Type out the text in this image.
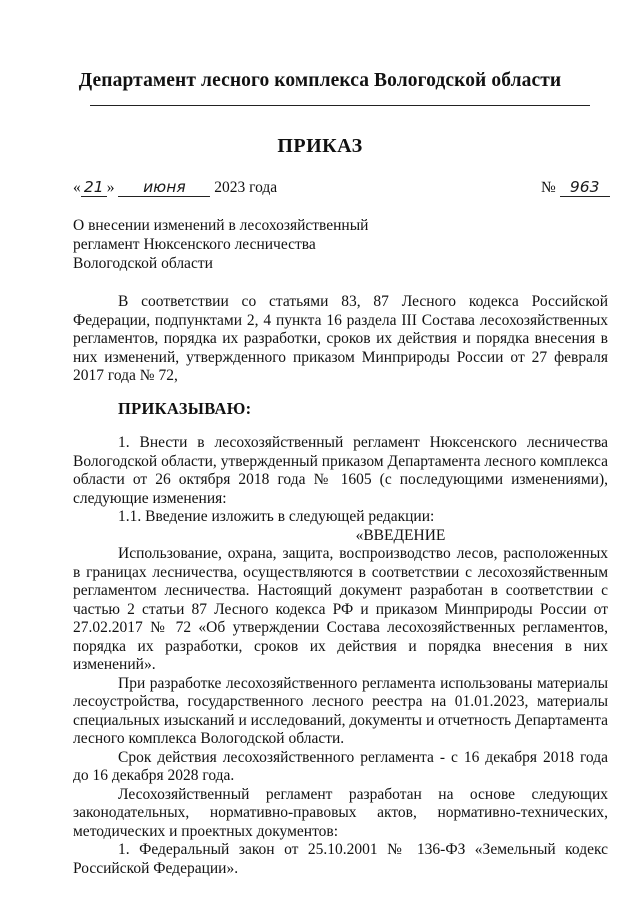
Департамент лесного комплекса Вологодской области
ПРИКАЗ
« 21 » июня 2023 года	№ 963
О внесении изменений в лесохозяйственный
регламент Нюксенского лесничества
Вологодской области

В соответствии со статьями 83, 87 Лесного кодекса Российской Федерации, подпунктами 2, 4 пункта 16 раздела III Состава лесохозяйственных регламентов, порядка их разработки, сроков их действия и порядка внесения в них изменений, утвержденного приказом Минприроды России от 27 февраля 2017 года № 72,

ПРИКАЗЫВАЮ:

1. Внести в лесохозяйственный регламент Нюксенского лесничества Вологодской области, утвержденный приказом Департамента лесного комплекса области от 26 октября 2018 года № 1605 (с последующими изменениями), следующие изменения:

1.1. Введение изложить в следующей редакции:

«ВВЕДЕНИЕ

Использование, охрана, защита, воспроизводство лесов, расположенных в границах лесничества, осуществляются в соответствии с лесохозяйственным регламентом лесничества. Настоящий документ разработан в соответствии с частью 2 статьи 87 Лесного кодекса РФ и приказом Минприроды России от 27.02.2017 № 72 «Об утверждении Состава лесохозяйственных регламентов, порядка их разработки, сроков их действия и порядка внесения в них изменений».

При разработке лесохозяйственного регламента использованы материалы лесоустройства, государственного лесного реестра на 01.01.2023, материалы специальных изысканий и исследований, документы и отчетность Департамента лесного комплекса Вологодской области.

Срок действия лесохозяйственного регламента - с 16 декабря 2018 года до 16 декабря 2028 года.

Лесохозяйственный регламент разработан на основе следующих законодательных, нормативно-правовых актов, нормативно-технических, методических и проектных документов:

1. Федеральный закон от 25.10.2001 № 136-ФЗ «Земельный кодекс Российской Федерации».
